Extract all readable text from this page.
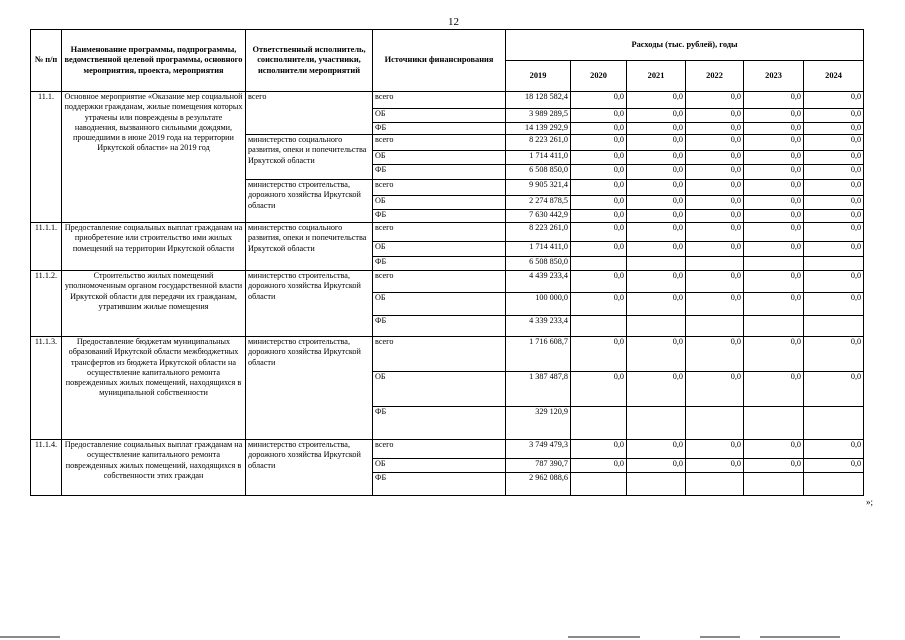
12
№ п/п	Наименование программы, подпрограммы, ведомственной целевой программы, основного мероприятия, проекта, мероприятия	Ответственный исполнитель, соисполнители, участники, исполнители мероприятий	Источники финансирования	Расходы (тыс. рублей), годы					
				2019	2020	2021	2022	2023	2024
11.1.	Основное мероприятие «Оказание мер социальной поддержки гражданам, жилые помещения которых утрачены или повреждены в результате наводнения, вызванного сильными дождями, прошедшими в июне 2019 года на территории Иркутской области» на 2019 год	всего	всего	18 128 582,4	0,0	0,0	0,0	0,0	0,0
			ОБ	3 989 289,5	0,0	0,0	0,0	0,0	0,0
			ФБ	14 139 292,9	0,0	0,0	0,0	0,0	0,0
		министерство социального развития, опеки и попечительства Иркутской области	всего	8 223 261,0	0,0	0,0	0,0	0,0	0,0
			ОБ	1 714 411,0	0,0	0,0	0,0	0,0	0,0
			ФБ	6 508 850,0	0,0	0,0	0,0	0,0	0,0
		министерство строительства, дорожного хозяйства Иркутской области	всего	9 905 321,4	0,0	0,0	0,0	0,0	0,0
			ОБ	2 274 878,5	0,0	0,0	0,0	0,0	0,0
			ФБ	7 630 442,9	0,0	0,0	0,0	0,0	0,0
11.1.1.	Предоставление социальных выплат гражданам на приобретение или строительство ими жилых помещений на территории Иркутской области	министерство социального развития, опеки и попечительства Иркутской области	всего	8 223 261,0	0,0	0,0	0,0	0,0	0,0
			ОБ	1 714 411,0	0,0	0,0	0,0	0,0	0,0
			ФБ	6 508 850,0					
11.1.2.	Строительство жилых помещений уполномоченным органом государственной власти Иркутской области для передачи их гражданам, утратившим жилые помещения	министерство строительства, дорожного хозяйства Иркутской области	всего	4 439 233,4	0,0	0,0	0,0	0,0	0,0
			ОБ	100 000,0	0,0	0,0	0,0	0,0	0,0
			ФБ	4 339 233,4					
11.1.3.	Предоставление бюджетам муниципальных образований Иркутской области межбюджетных трансфертов из бюджета Иркутской области на осуществление капитального ремонта поврежденных жилых помещений, находящихся в муниципальной собственности	министерство строительства, дорожного хозяйства Иркутской области	всего	1 716 608,7	0,0	0,0	0,0	0,0	0,0
			ОБ	1 387 487,8	0,0	0,0	0,0	0,0	0,0
			ФБ	329 120,9					
11.1.4.	Предоставление социальных выплат гражданам на осуществление капитального ремонта поврежденных жилых помещений, находящихся в собственности этих граждан	министерство строительства, дорожного хозяйства Иркутской области	всего	3 749 479,3	0,0	0,0	0,0	0,0	0,0
			ОБ	787 390,7	0,0	0,0	0,0	0,0	0,0
			ФБ	2 962 088,6					
»;
